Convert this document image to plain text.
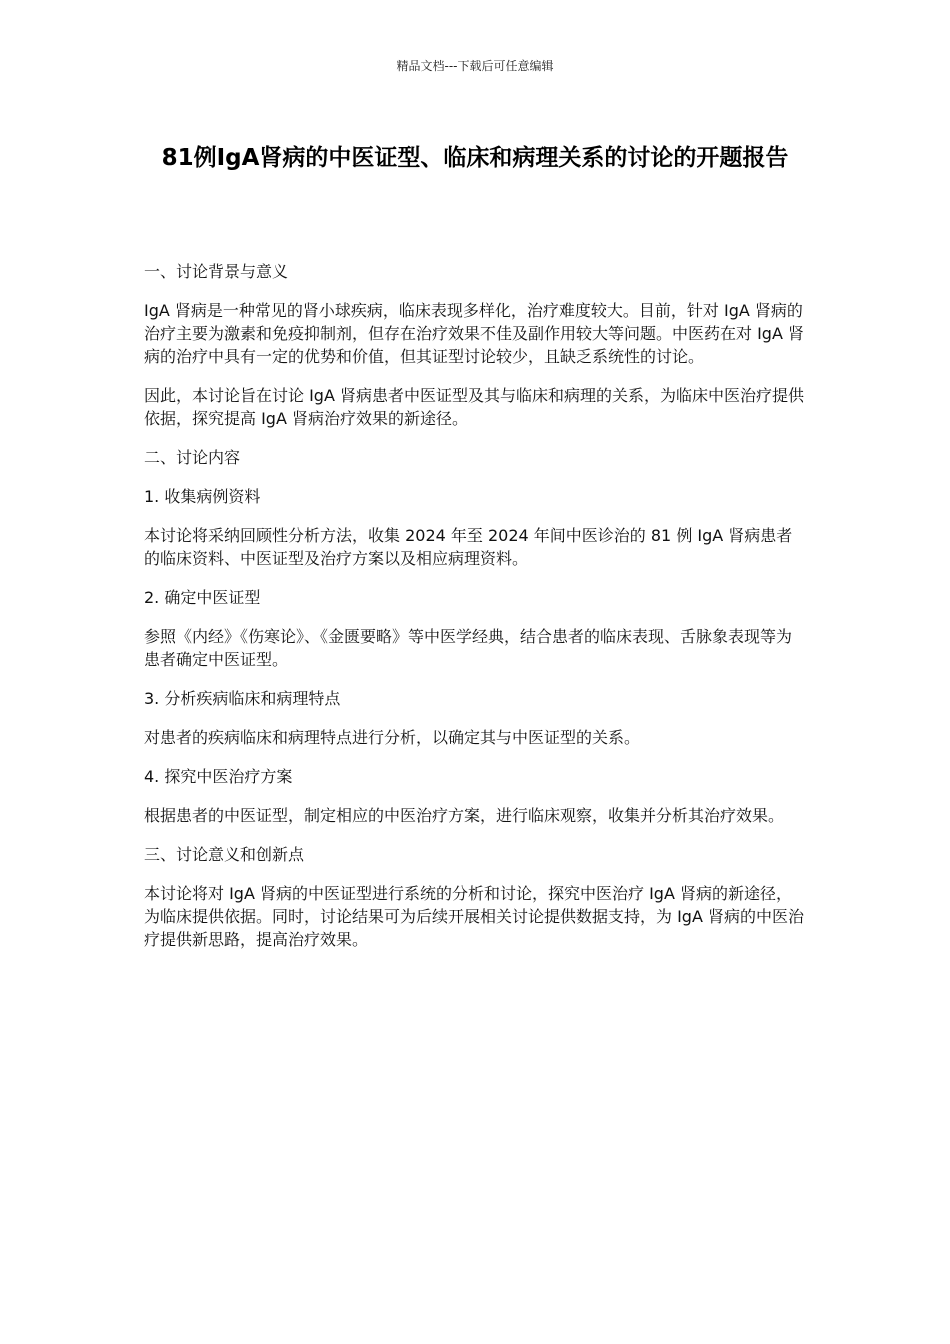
精品文档---下载后可任意编辑
81例IgA肾病的中医证型、临床和病理关系的讨论的开题报告

一、讨论背景与意义

IgA 肾病是一种常见的肾小球疾病，临床表现多样化，治疗难度较大。目前，针对 IgA 肾病的治疗主要为激素和免疫抑制剂，但存在治疗效果不佳及副作用较大等问题。中医药在对 IgA 肾病的治疗中具有一定的优势和价值，但其证型讨论较少，且缺乏系统性的讨论。

因此，本讨论旨在讨论 IgA 肾病患者中医证型及其与临床和病理的关系，为临床中医治疗提供依据，探究提高 IgA 肾病治疗效果的新途径。

二、讨论内容

1. 收集病例资料

本讨论将采纳回顾性分析方法，收集 2024 年至 2024 年间中医诊治的 81 例 IgA 肾病患者的临床资料、中医证型及治疗方案以及相应病理资料。

2. 确定中医证型

参照《内经》《伤寒论》、《金匮要略》等中医学经典，结合患者的临床表现、舌脉象表现等为患者确定中医证型。

3. 分析疾病临床和病理特点

对患者的疾病临床和病理特点进行分析，以确定其与中医证型的关系。

4. 探究中医治疗方案

根据患者的中医证型，制定相应的中医治疗方案，进行临床观察，收集并分析其治疗效果。

三、讨论意义和创新点

本讨论将对 IgA 肾病的中医证型进行系统的分析和讨论，探究中医治疗 IgA 肾病的新途径，为临床提供依据。同时，讨论结果可为后续开展相关讨论提供数据支持，为 IgA 肾病的中医治疗提供新思路，提高治疗效果。
